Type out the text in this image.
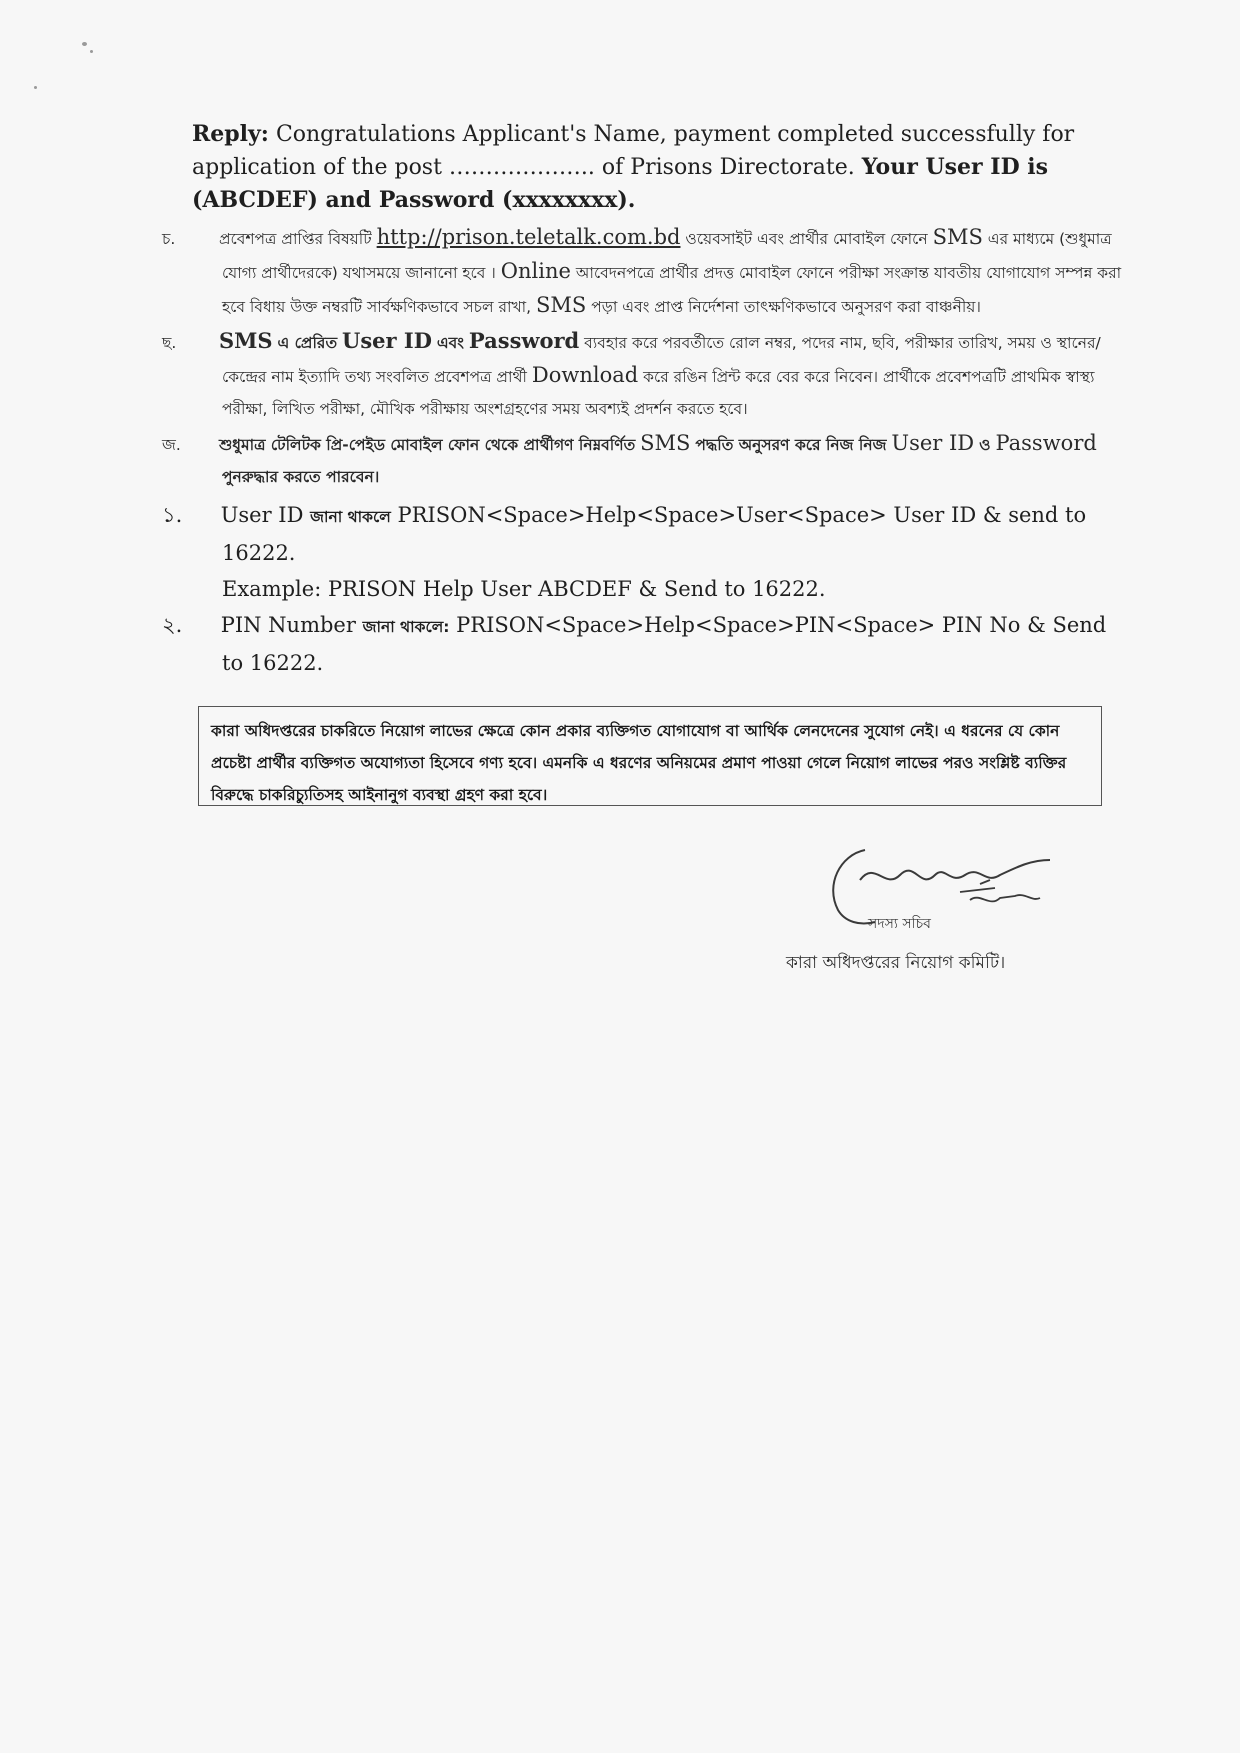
Reply: Congratulations Applicant's Name, payment completed successfully for application of the post ……………….. of Prisons Directorate. Your User ID is (ABCDEF) and Password (xxxxxxxx).
চ.	প্রবেশপত্র প্রাপ্তির বিষয়টি http://prison.teletalk.com.bd ওয়েবসাইট এবং প্রার্থীর মোবাইল ফোনে SMS এর মাধ্যমে (শুধুমাত্র যোগ্য প্রার্থীদেরকে) যথাসময়ে জানানো হবে । Online আবেদনপত্রে প্রার্থীর প্রদত্ত মোবাইল ফোনে পরীক্ষা সংক্রান্ত যাবতীয় যোগাযোগ সম্পন্ন করা হবে বিধায় উক্ত নম্বরটি সার্বক্ষণিকভাবে সচল রাখা, SMS পড়া এবং প্রাপ্ত নির্দেশনা তাৎক্ষণিকভাবে অনুসরণ করা বাঞ্চনীয়।
ছ. SMS এ প্রেরিত User ID এবং Password ব্যবহার করে পরবর্তীতে রোল নম্বর, পদের নাম, ছবি, পরীক্ষার তারিখ, সময় ও স্থানের/কেন্দ্রের নাম ইত্যাদি তথ্য সংবলিত প্রবেশপত্র প্রার্থী Download করে রঙিন প্রিন্ট করে বের করে নিবেন। প্রার্থীকে প্রবেশপত্রটি প্রাথমিক স্বাস্থ্য পরীক্ষা, লিখিত পরীক্ষা, মৌখিক পরীক্ষায় অংশগ্রহণের সময় অবশ্যই প্রদর্শন করতে হবে।
জ. শুধুমাত্র টেলিটক প্রি-পেইড মোবাইল ফোন থেকে প্রার্থীগণ নিম্নবর্ণিত SMS পদ্ধতি অনুসরণ করে নিজ নিজ User ID ও Password পুনরুদ্ধার করতে পারবেন।
১. User ID জানা থাকলে PRISON<Space>Help<Space>User<Space> User ID & send to 16222.
Example: PRISON Help User ABCDEF & Send to 16222.
২. PIN Number জানা থাকলে: PRISON<Space>Help<Space>PIN<Space> PIN No & Send to 16222.
কারা অধিদপ্তরের চাকরিতে নিয়োগ লাভের ক্ষেত্রে কোন প্রকার ব্যক্তিগত যোগাযোগ বা আর্থিক লেনদেনের সুযোগ নেই। এ ধরনের যে কোন প্রচেষ্টা প্রার্থীর ব্যক্তিগত অযোগ্যতা হিসেবে গণ্য হবে। এমনকি এ ধরণের অনিয়মের প্রমাণ পাওয়া গেলে নিয়োগ লাভের পরও সংশ্লিষ্ট ব্যক্তির বিরুদ্ধে চাকরিচ্যুতিসহ আইনানুগ ব্যবস্থা গ্রহণ করা হবে।
সদস্য সচিব
কারা অধিদপ্তরের নিয়োগ কমিটি।
